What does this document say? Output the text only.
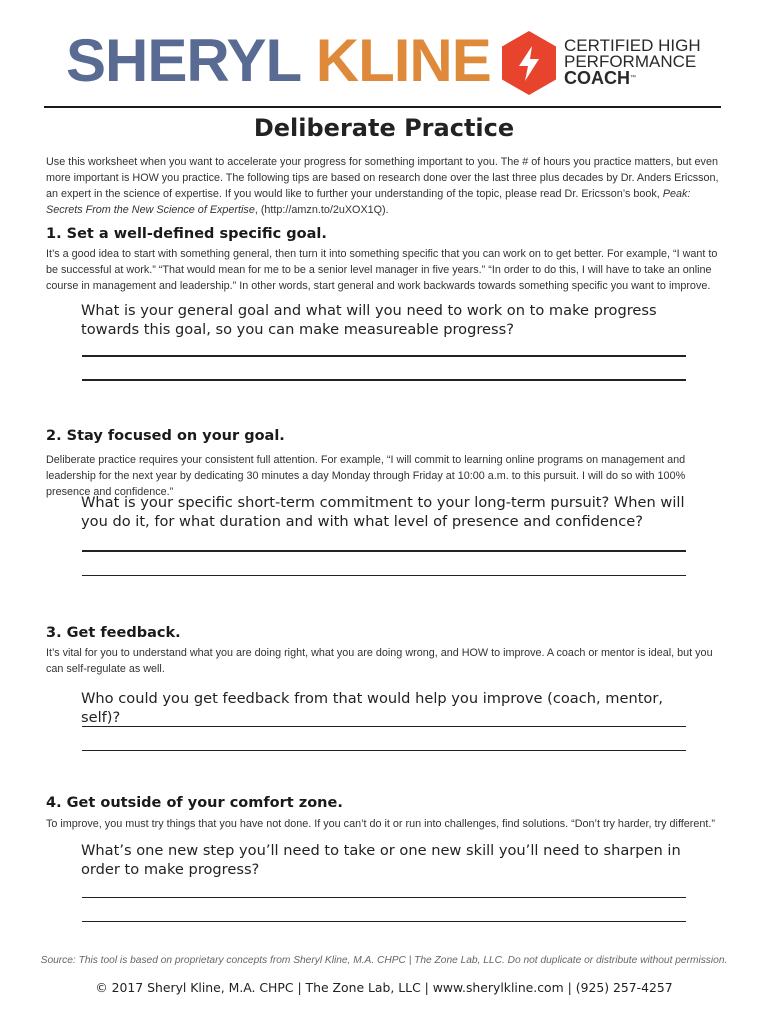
SHERYL KLINE	CERTIFIED HIGH
PERFORMANCE
COACH™
Deliberate Practice
Use this worksheet when you want to accelerate your progress for something important to you. The # of hours you practice matters, but even more important is HOW you practice. The following tips are based on research done over the last three plus decades by Dr. Anders Ericsson, an expert in the science of expertise. If you would like to further your understanding of the topic, please read Dr. Ericsson’s book, Peak: Secrets From the New Science of Expertise, (http://amzn.to/2uXOX1Q).
1. Set a well-defined specific goal.
It’s a good idea to start with something general, then turn it into something specific that you can work on to get better. For example, “I want to be successful at work.” “That would mean for me to be a senior level manager in five years.” “In order to do this, I will have to take an online course in management and leadership.” In other words, start general and work backwards towards something specific you want to improve.
What is your general goal and what will you need to work on to make progress towards this goal, so you can make measureable progress?
2. Stay focused on your goal.
Deliberate practice requires your consistent full attention. For example, “I will commit to learning online programs on management and leadership for the next year by dedicating 30 minutes a day Monday through Friday at 10:00 a.m. to this pursuit. I will do so with 100% presence and confidence.”
What is your specific short-term commitment to your long-term pursuit? When will you do it, for what duration and with what level of presence and confidence?
3. Get feedback.
It’s vital for you to understand what you are doing right, what you are doing wrong, and HOW to improve. A coach or mentor is ideal, but you can self-regulate as well.
Who could you get feedback from that would help you improve (coach, mentor, self)?
4. Get outside of your comfort zone.
To improve, you must try things that you have not done. If you can’t do it or run into challenges, find solutions. “Don’t try harder, try different.”
What’s one new step you’ll need to take or one new skill you’ll need to sharpen in order to make progress?
Source: This tool is based on proprietary concepts from Sheryl Kline, M.A. CHPC | The Zone Lab, LLC. Do not duplicate or distribute without permission.
© 2017 Sheryl Kline, M.A. CHPC | The Zone Lab, LLC | www.sherylkline.com | (925) 257-4257
